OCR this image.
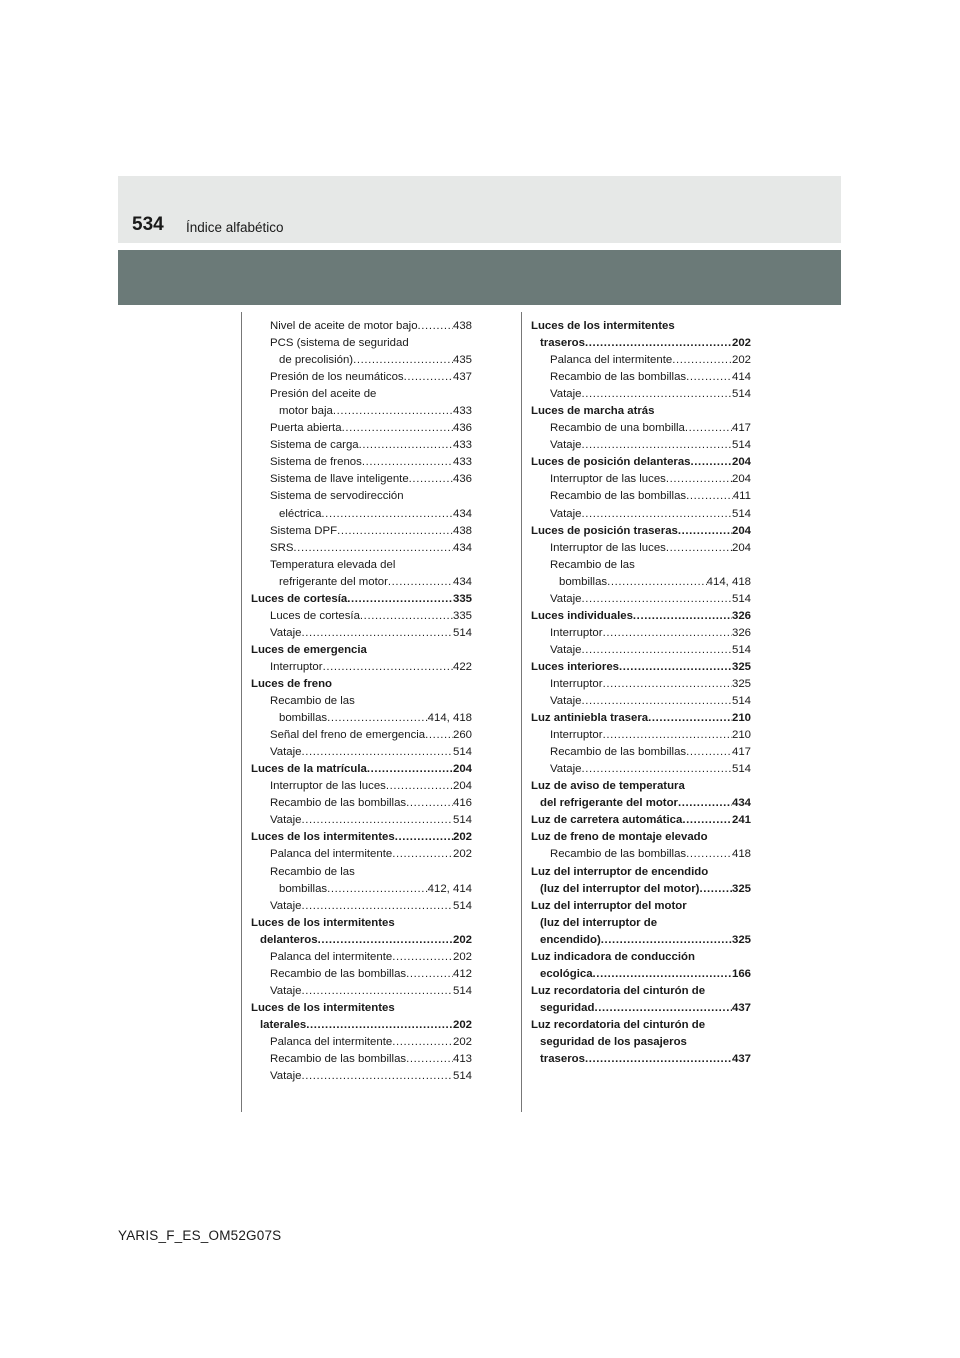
534 Índice alfabético
Nivel de aceite de motor bajo .....	438
PCS (sistema de seguridad
de precolisión) .....	435
Presión de los neumáticos .....	437
Presión del aceite de
motor baja .....	433
Puerta abierta .....	436
Sistema de carga .....	433
Sistema de frenos .....	433
Sistema de llave inteligente .....	436
Sistema de servodirección
eléctrica .....	434
Sistema DPF .....	438
SRS .....	434
Temperatura elevada del
refrigerante del motor .....	434
Luces de cortesía .....	335
Luces de cortesía .....	335
Vataje .....	514
Luces de emergencia
Interruptor .....	422
Luces de freno
Recambio de las
bombillas .....	414, 418
Señal del freno de emergencia ..... 260
Vataje .....	514
Luces de la matrícula .....	204
Interruptor de las luces .....	204
Recambio de las bombillas .....	416
Vataje .....	514
Luces de los intermitentes .....	202
Palanca del intermitente .....	202
Recambio de las
bombillas .....	412, 414
Vataje .....	514
Luces de los intermitentes
delanteros .....	202
Palanca del intermitente .....	202
Recambio de las bombillas .....	412
Vataje .....	514
Luces de los intermitentes
laterales .....	202
Palanca del intermitente .....	202
Recambio de las bombillas .....	413
Vataje .....	514
Luces de los intermitentes
traseros .....	202
Palanca del intermitente .....	202
Recambio de las bombillas .....	414
Vataje .....	514
Luces de marcha atrás
Recambio de una bombilla .....	417
Vataje .....	514
Luces de posición delanteras .....	204
Interruptor de las luces .....	204
Recambio de las bombillas .....	411
Vataje .....	514
Luces de posición traseras .....	204
Interruptor de las luces .....	204
Recambio de las
bombillas .....	414, 418
Vataje .....	514
Luces individuales .....	326
Interruptor .....	326
Vataje .....	514
Luces interiores .....	325
Interruptor .....	325
Vataje .....	514
Luz antiniebla trasera .....	210
Interruptor .....	210
Recambio de las bombillas .....	417
Vataje .....	514
Luz de aviso de temperatura
del refrigerante del motor .....	434
Luz de carretera automática .....	241
Luz de freno de montaje elevado
Recambio de las bombillas .....	418
Luz del interruptor de encendido
(luz del interruptor del motor) .....	325
Luz del interruptor del motor
(luz del interruptor de
encendido) .....	325
Luz indicadora de conducción
ecológica .....	166
Luz recordatoria del cinturón de
seguridad .....	437
Luz recordatoria del cinturón de
seguridad de los pasajeros
traseros .....	437
YARIS_F_ES_OM52G07S
